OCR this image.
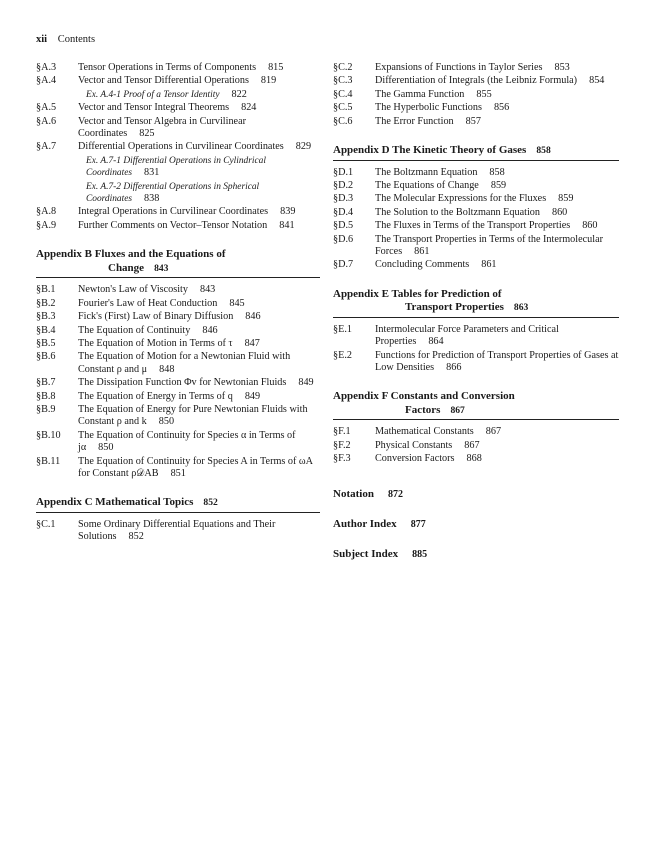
xii Contents
§A.3	Tensor Operations in Terms of Components 815
§A.4	Vector and Tensor Differential Operations 819
Ex. A.4-1 Proof of a Tensor Identity 822
§A.5	Vector and Tensor Integral Theorems 824
§A.6	Vector and Tensor Algebra in Curvilinear Coordinates 825
§A.7	Differential Operations in Curvilinear Coordinates 829
Ex. A.7-1 Differential Operations in Cylindrical Coordinates 831
Ex. A.7-2 Differential Operations in Spherical Coordinates 838
§A.8	Integral Operations in Curvilinear Coordinates 839
§A.9	Further Comments on Vector–Tensor Notation 841
Appendix B Fluxes and the Equations of
Change 843
§B.1	Newton's Law of Viscosity 843
§B.2	Fourier's Law of Heat Conduction 845
§B.3	Fick's (First) Law of Binary Diffusion 846
§B.4	The Equation of Continuity 846
§B.5	The Equation of Motion in Terms of τ 847
§B.6	The Equation of Motion for a Newtonian Fluid with Constant ρ and μ 848
§B.7	The Dissipation Function Φv for Newtonian Fluids 849
§B.8	The Equation of Energy in Terms of q 849
§B.9	The Equation of Energy for Pure Newtonian Fluids with Constant ρ and k 850
§B.10	The Equation of Continuity for Species α in Terms of jα 850
§B.11	The Equation of Continuity for Species A in Terms of ωA for Constant ρ𝒟AB 851
Appendix C Mathematical Topics 852
§C.1	Some Ordinary Differential Equations and Their Solutions 852
§C.2	Expansions of Functions in Taylor Series 853
§C.3	Differentiation of Integrals (the Leibniz Formula) 854
§C.4	The Gamma Function 855
§C.5	The Hyperbolic Functions 856
§C.6	The Error Function 857
Appendix D The Kinetic Theory of Gases 858
§D.1	The Boltzmann Equation 858
§D.2	The Equations of Change 859
§D.3	The Molecular Expressions for the Fluxes 859
§D.4	The Solution to the Boltzmann Equation 860
§D.5	The Fluxes in Terms of the Transport Properties 860
§D.6	The Transport Properties in Terms of the Intermolecular Forces 861
§D.7	Concluding Comments 861
Appendix E Tables for Prediction of
Transport Properties 863
§E.1	Intermolecular Force Parameters and Critical Properties 864
§E.2	Functions for Prediction of Transport Properties of Gases at Low Densities 866
Appendix F Constants and Conversion
Factors 867
§F.1	Mathematical Constants 867
§F.2	Physical Constants 867
§F.3	Conversion Factors 868
Notation 872
Author Index 877
Subject Index 885
